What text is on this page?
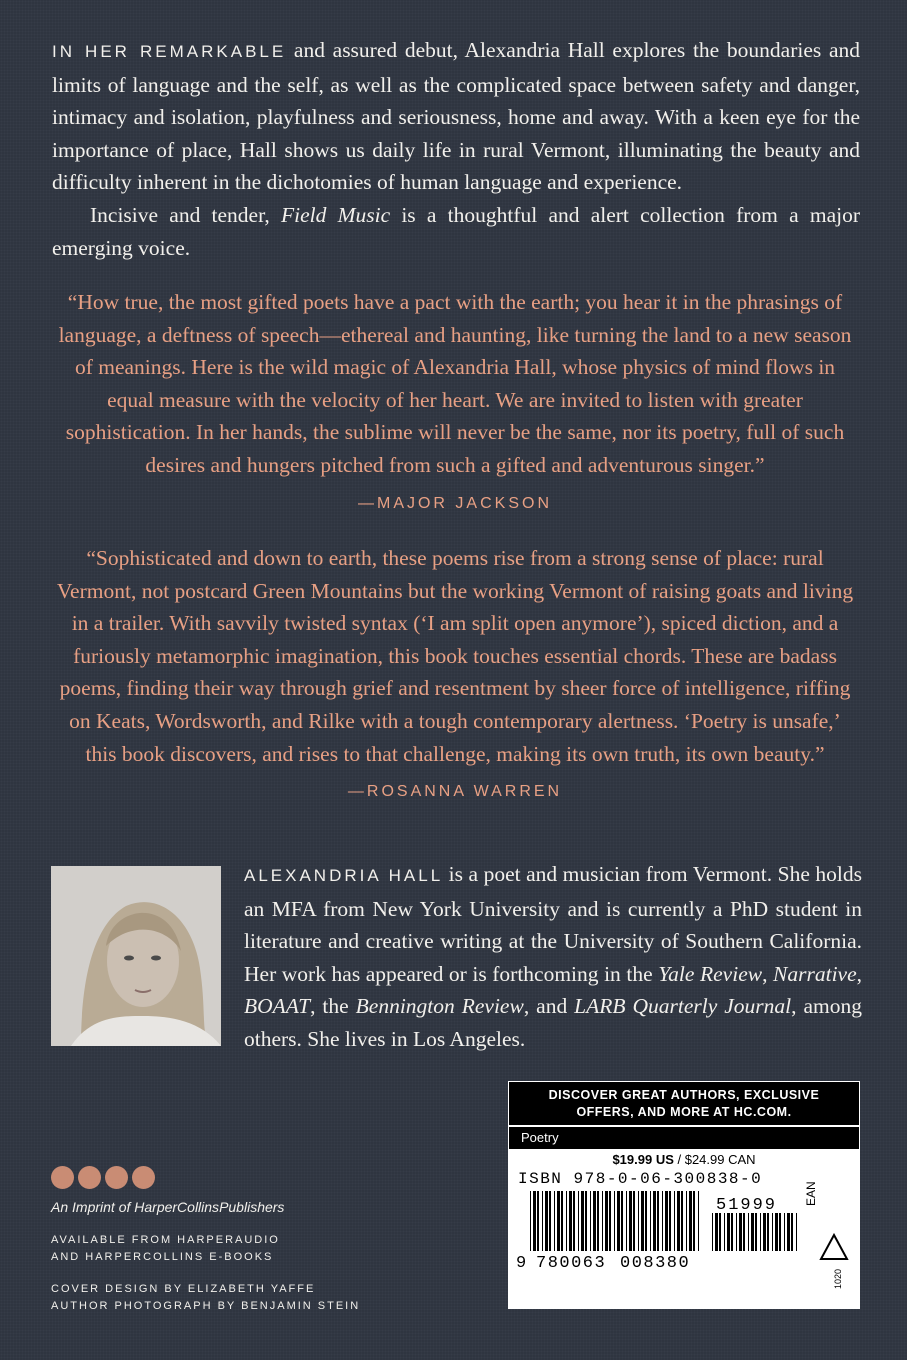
IN HER REMARKABLE and assured debut, Alexandria Hall explores the boundaries and limits of language and the self, as well as the complicated space between safety and danger, intimacy and isolation, playfulness and seriousness, home and away. With a keen eye for the importance of place, Hall shows us daily life in rural Vermont, illuminating the beauty and difficulty inherent in the dichotomies of human language and experience.

Incisive and tender, Field Music is a thoughtful and alert collection from a major emerging voice.

“How true, the most gifted poets have a pact with the earth; you hear it in the phrasings of language, a deftness of speech—ethereal and haunting, like turning the land to a new season of meanings. Here is the wild magic of Alexandria Hall, whose physics of mind flows in equal measure with the velocity of her heart. We are invited to listen with greater sophistication. In her hands, the sublime will never be the same, nor its poetry, full of such desires and hungers pitched from such a gifted and adventurous singer.”
—MAJOR JACKSON
“Sophisticated and down to earth, these poems rise from a strong sense of place: rural Vermont, not postcard Green Mountains but the working Vermont of raising goats and living in a trailer. With savvily twisted syntax (‘I am split open anymore’), spiced diction, and a furiously metamorphic imagination, this book touches essential chords. These are badass poems, finding their way through grief and resentment by sheer force of intelligence, riffing on Keats, Wordsworth, and Rilke with a tough contemporary alertness. ‘Poetry is unsafe,’ this book discovers, and rises to that challenge, making its own truth, its own beauty.”
—ROSANNA WARREN
ALEXANDRIA HALL is a poet and musician from Vermont. She holds an MFA from New York University and is currently a PhD student in literature and creative writing at the University of Southern California. Her work has appeared or is forthcoming in the Yale Review, Narrative, BOAAT, the Bennington Review, and LARB Quarterly Journal, among others. She lives in Los Angeles.
An Imprint of HarperCollinsPublishers
AVAILABLE FROM HARPERAUDIO
AND HARPERCOLLINS E-BOOKS
COVER DESIGN BY ELIZABETH YAFFE
AUTHOR PHOTOGRAPH BY BENJAMIN STEIN
DISCOVER GREAT AUTHORS, EXCLUSIVE
OFFERS, AND MORE AT HC.COM.
Poetry
$19.99 US / $24.99 CAN
ISBN 978-0-06-300838-0
51999
9 780063 008380
EAN
1020
